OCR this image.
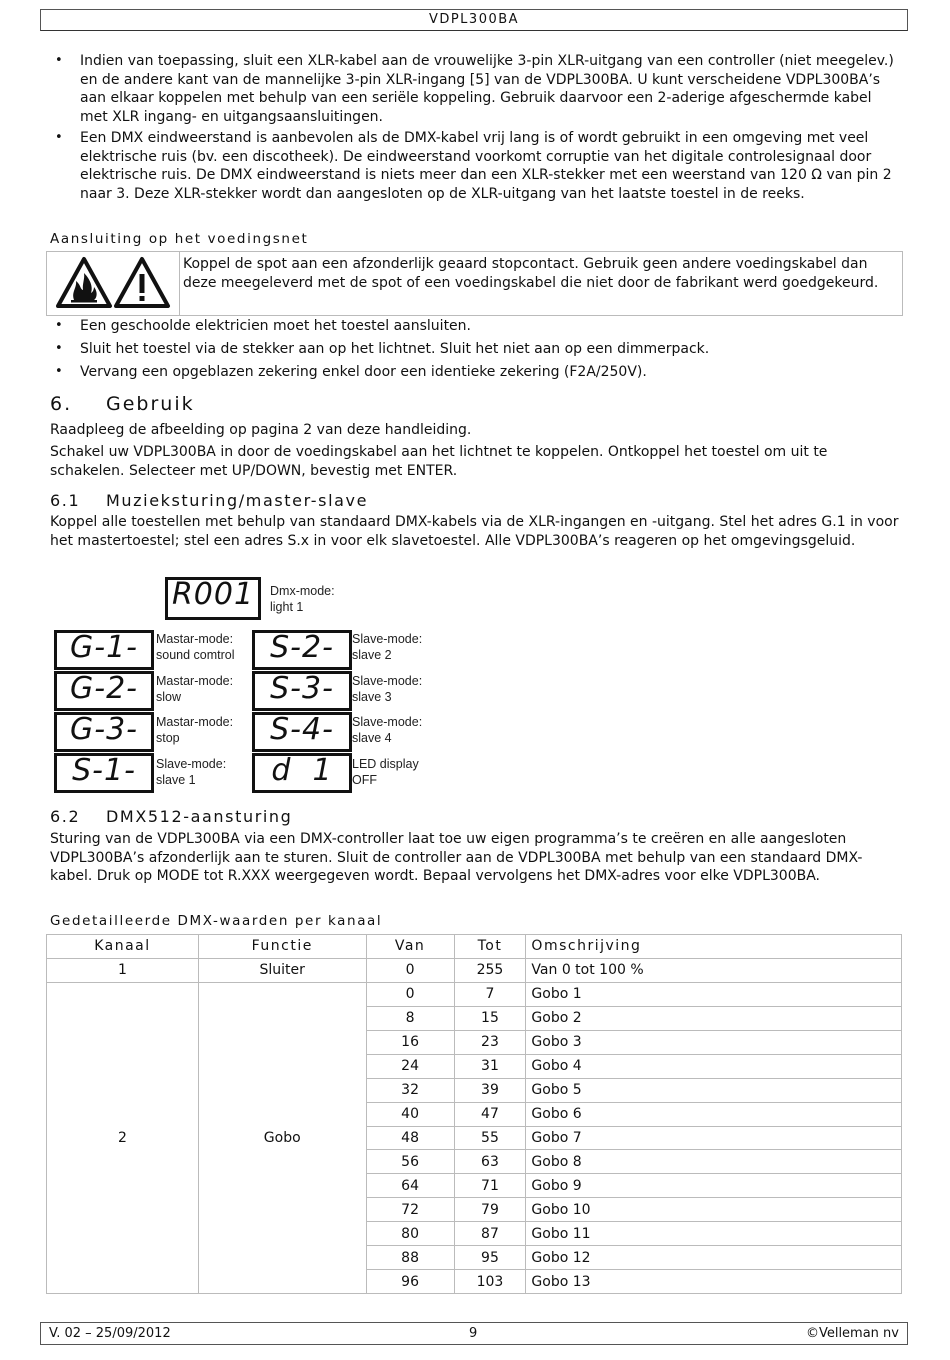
VDPL300BA
• Indien van toepassing, sluit een XLR-kabel aan de vrouwelijke 3-pin XLR-uitgang van een controller (niet meegelev.) en de andere kant van de mannelijke 3-pin XLR-ingang [5] van de VDPL300BA. U kunt verscheidene VDPL300BA’s aan elkaar koppelen met behulp van een seriële koppeling. Gebruik daarvoor een 2-aderige afgeschermde kabel met XLR ingang- en uitgangsaansluitingen.
• Een DMX eindweerstand is aanbevolen als de DMX-kabel vrij lang is of wordt gebruikt in een omgeving met veel elektrische ruis (bv. een discotheek). De eindweerstand voorkomt corruptie van het digitale controlesignaal door elektrische ruis. De DMX eindweerstand is niets meer dan een XLR-stekker met een weerstand van 120 Ω van pin 2 naar 3. Deze XLR-stekker wordt dan aangesloten op de XLR-uitgang van het laatste toestel in de reeks.
Aansluiting op het voedingsnet
Koppel de spot aan een afzonderlijk geaard stopcontact. Gebruik geen andere voedingskabel dan deze meegeleverd met de spot of een voedingskabel die niet door de fabrikant werd goedgekeurd.
• Een geschoolde elektricien moet het toestel aansluiten.
• Sluit het toestel via de stekker aan op het lichtnet. Sluit het niet aan op een dimmerpack.
• Vervang een opgeblazen zekering enkel door een identieke zekering (F2A/250V).
6. Gebruik
Raadpleeg de afbeelding op pagina 2 van deze handleiding.
Schakel uw VDPL300BA in door de voedingskabel aan het lichtnet te koppelen. Ontkoppel het toestel om uit te schakelen. Selecteer met UP/DOWN, bevestig met ENTER.
6.1 Muzieksturing/master-slave
Koppel alle toestellen met behulp van standaard DMX-kabels via de XLR-ingangen en -uitgang. Stel het adres G.1 in voor het mastertoestel; stel een adres S.x in voor elk slavetoestel. Alle VDPL300BA’s reageren op het omgevingsgeluid.
R001	Dmx-mode:
light 1
G-1-	Mastar-mode:
sound comtrol
G-2-	Mastar-mode:
slow
G-3-	Mastar-mode:
stop
S-1-	Slave-mode:
slave 1
S-2-	Slave-mode:
slave 2
S-3-	Slave-mode:
slave 3
S-4-	Slave-mode:
slave 4
d  1	LED display
OFF
6.2 DMX512-aansturing
Sturing van de VDPL300BA via een DMX-controller laat toe uw eigen programma’s te creëren en alle aangesloten VDPL300BA’s afzonderlijk aan te sturen. Sluit de controller aan de VDPL300BA met behulp van een standaard DMX-kabel. Druk op MODE tot R.XXX weergegeven wordt. Bepaal vervolgens het DMX-adres voor elke VDPL300BA.
Gedetailleerde DMX-waarden per kanaal
Kanaal	Functie	Van	Tot	Omschrijving
1	Sluiter	0	255	Van 0 tot 100 %
2	Gobo	0	7	Gobo 1
		8	15	Gobo 2
		16	23	Gobo 3
		24	31	Gobo 4
		32	39	Gobo 5
		40	47	Gobo 6
		48	55	Gobo 7
		56	63	Gobo 8
		64	71	Gobo 9
		72	79	Gobo 10
		80	87	Gobo 11
		88	95	Gobo 12
		96	103	Gobo 13
V. 02 – 25/09/2012	9	©Velleman nv
